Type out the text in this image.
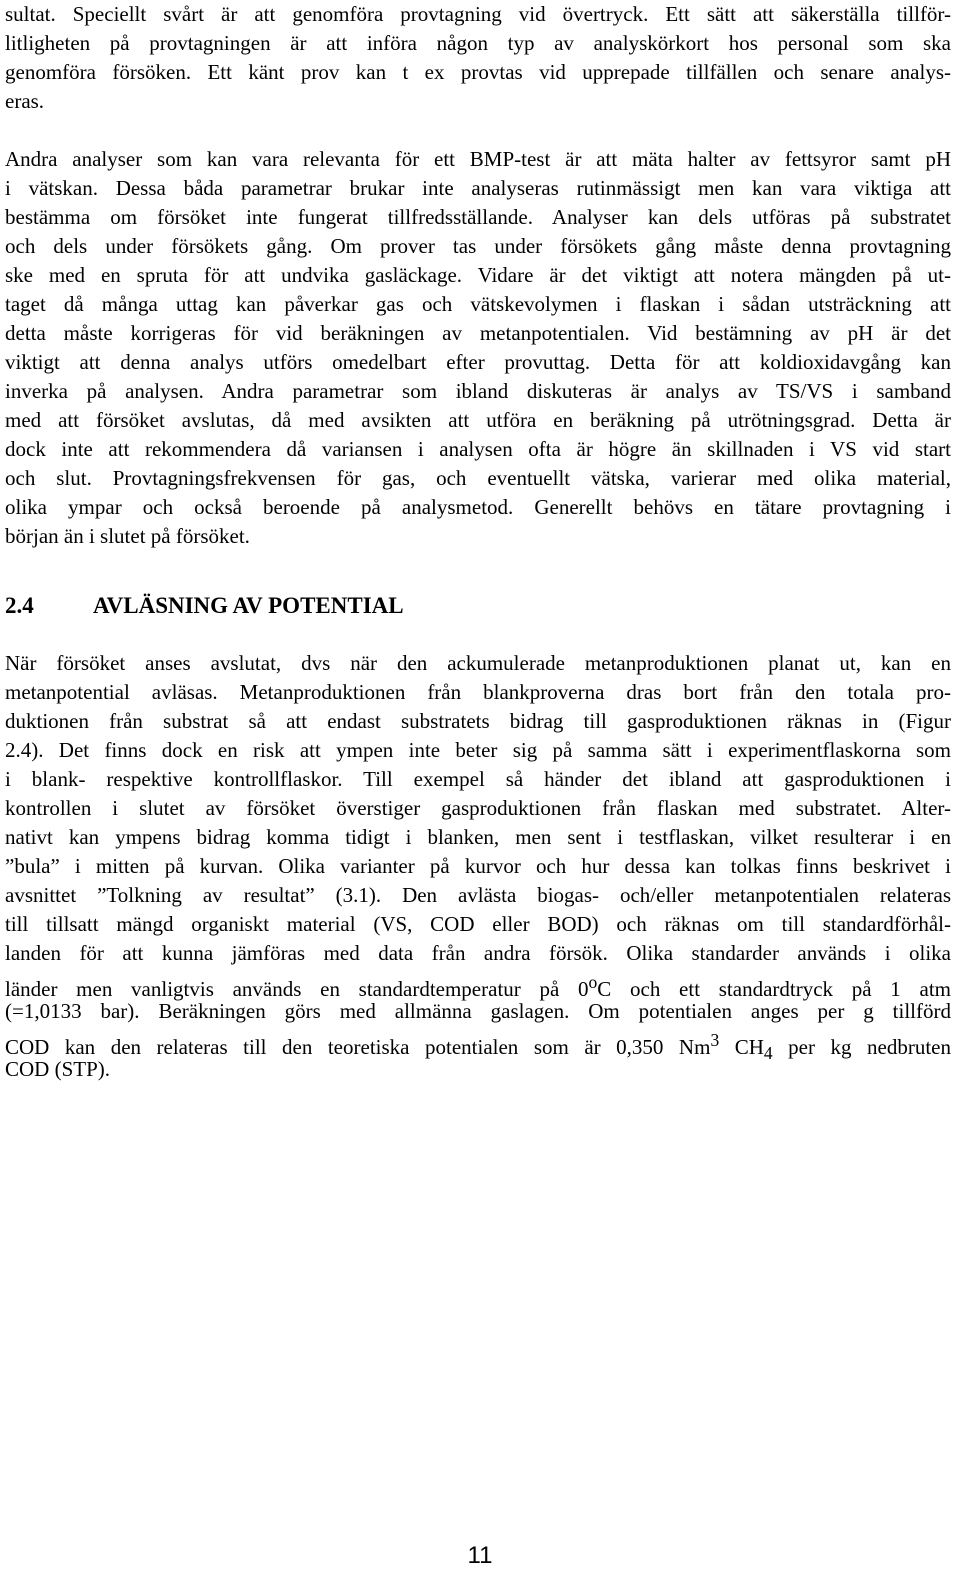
sultat. Speciellt svårt är att genomföra provtagning vid övertryck. Ett sätt att säkerställa tillför-
litligheten på provtagningen är att införa någon typ av analyskörkort hos personal som ska
genomföra försöken. Ett känt prov kan t ex provtas vid upprepade tillfällen och senare analys-
eras.
Andra analyser som kan vara relevanta för ett BMP-test är att mäta halter av fettsyror samt pH
i vätskan. Dessa båda parametrar brukar inte analyseras rutinmässigt men kan vara viktiga att
bestämma om försöket inte fungerat tillfredsställande. Analyser kan dels utföras på substratet
och dels under försökets gång. Om prover tas under försökets gång måste denna provtagning
ske med en spruta för att undvika gasläckage. Vidare är det viktigt att notera mängden på ut-
taget då många uttag kan påverkar gas och vätskevolymen i flaskan i sådan utsträckning att
detta måste korrigeras för vid beräkningen av metanpotentialen. Vid bestämning av pH är det
viktigt att denna analys utförs omedelbart efter provuttag. Detta för att koldioxidavgång kan
inverka på analysen. Andra parametrar som ibland diskuteras är analys av TS/VS i samband
med att försöket avslutas, då med avsikten att utföra en beräkning på utrötningsgrad. Detta är
dock inte att rekommendera då variansen i analysen ofta är högre än skillnaden i VS vid start
och slut. Provtagningsfrekvensen för gas, och eventuellt vätska, varierar med olika material,
olika ympar och också beroende på analysmetod. Generellt behövs en tätare provtagning i
början än i slutet på försöket.
2.4	AVLÄSNING AV POTENTIAL
När försöket anses avslutat, dvs när den ackumulerade metanproduktionen planat ut, kan en
metanpotential avläsas. Metanproduktionen från blankproverna dras bort från den totala pro-
duktionen från substrat så att endast substratets bidrag till gasproduktionen räknas in (Figur
2.4). Det finns dock en risk att ympen inte beter sig på samma sätt i experimentflaskorna som
i blank- respektive kontrollflaskor. Till exempel så händer det ibland att gasproduktionen i
kontrollen i slutet av försöket överstiger gasproduktionen från flaskan med substratet. Alter-
nativt kan ympens bidrag komma tidigt i blanken, men sent i testflaskan, vilket resulterar i en
”bula” i mitten på kurvan. Olika varianter på kurvor och hur dessa kan tolkas finns beskrivet i
avsnittet ”Tolkning av resultat” (3.1). Den avlästa biogas- och/eller metanpotentialen relateras
till tillsatt mängd organiskt material (VS, COD eller BOD) och räknas om till standardförhål-
landen för att kunna jämföras med data från andra försök. Olika standarder används i olika
länder men vanligtvis används en standardtemperatur på 0$^o$C och ett standardtryck på 1 atm
(=1,0133 bar). Beräkningen görs med allmänna gaslagen. Om potentialen anges per g tillförd
COD kan den relateras till den teoretiska potentialen som är 0,350 Nm$^3$ $CH_4$ per kg nedbruten
COD (STP).
11
